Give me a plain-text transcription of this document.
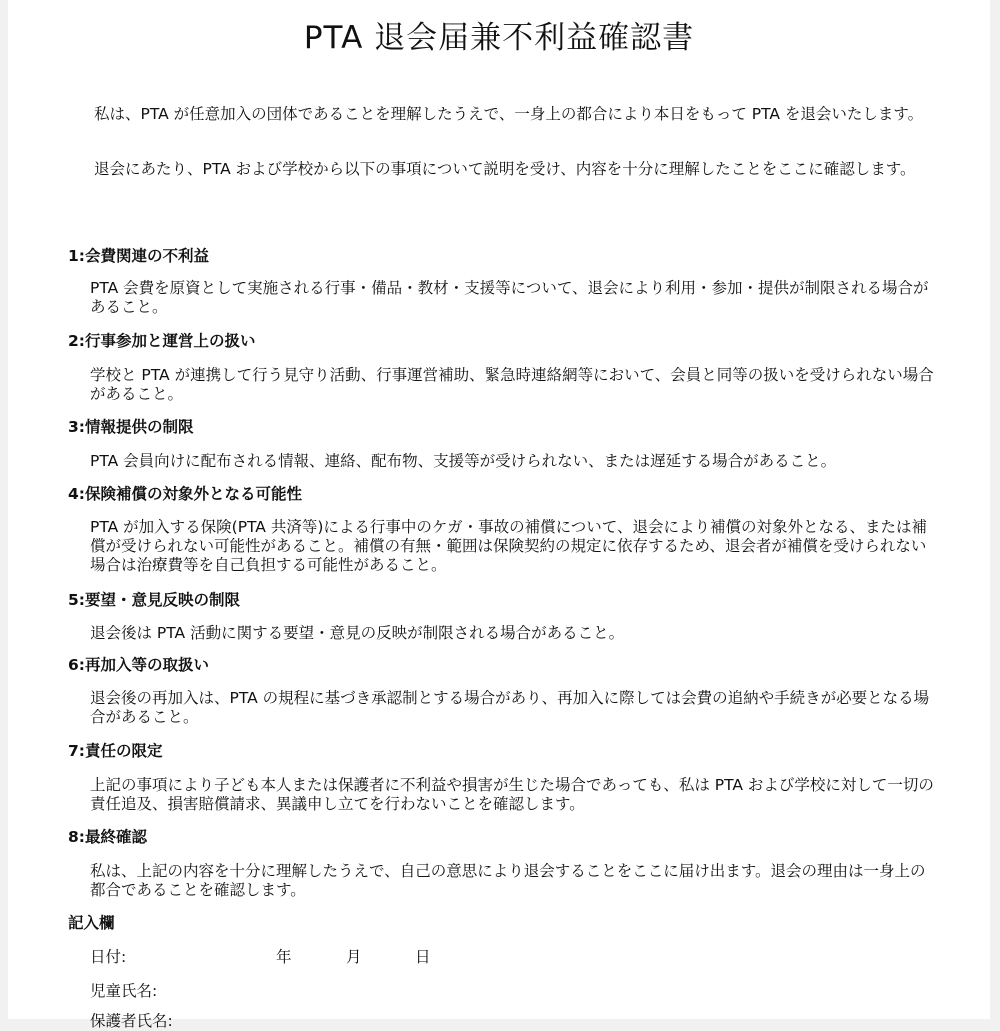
PTA 退会届兼不利益確認書

私は、PTA が任意加入の団体であることを理解したうえで、一身上の都合により本日をもって PTA を退会いたします。

退会にあたり、PTA および学校から以下の事項について説明を受け、内容を十分に理解したことをここに確認します。

1:会費関連の不利益

PTA 会費を原資として実施される行事・備品・教材・支援等について、退会により利用・参加・提供が制限される場合があること。

2:行事参加と運営上の扱い

学校と PTA が連携して行う見守り活動、行事運営補助、緊急時連絡網等において、会員と同等の扱いを受けられない場合があること。

3:情報提供の制限

PTA 会員向けに配布される情報、連絡、配布物、支援等が受けられない、または遅延する場合があること。

4:保険補償の対象外となる可能性

PTA が加入する保険(PTA 共済等)による行事中のケガ・事故の補償について、退会により補償の対象外となる、または補償が受けられない可能性があること。補償の有無・範囲は保険契約の規定に依存するため、退会者が補償を受けられない場合は治療費等を自己負担する可能性があること。

5:要望・意見反映の制限

退会後は PTA 活動に関する要望・意見の反映が制限される場合があること。

6:再加入等の取扱い

退会後の再加入は、PTA の規程に基づき承認制とする場合があり、再加入に際しては会費の追納や手続きが必要となる場合があること。

7:責任の限定

上記の事項により子ども本人または保護者に不利益や損害が生じた場合であっても、私は PTA および学校に対して一切の責任追及、損害賠償請求、異議申し立てを行わないことを確認します。

8:最終確認

私は、上記の内容を十分に理解したうえで、自己の意思により退会することをここに届け出ます。退会の理由は一身上の都合であることを確認します。

記入欄
日付:	年	月	日
児童氏名:
保護者氏名:
